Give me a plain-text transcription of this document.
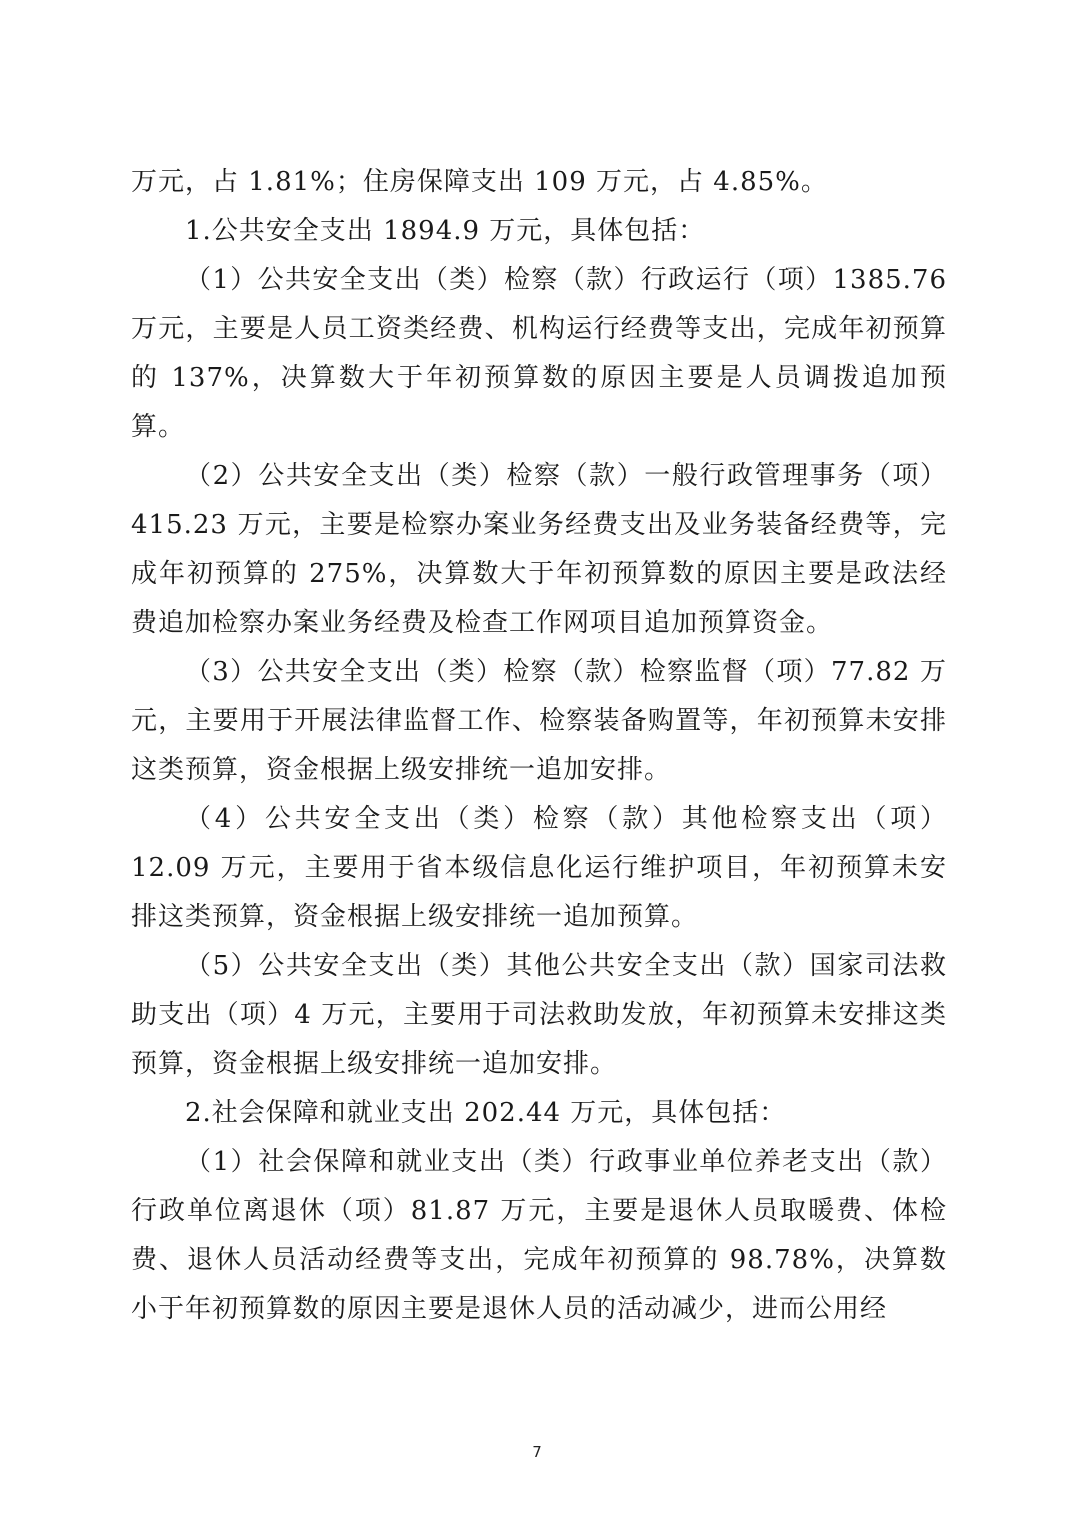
万元，占 1.81%；住房保障支出 109 万元，占 4.85%。

1.公共安全支出 1894.9 万元，具体包括：

（1）公共安全支出（类）检察（款）行政运行（项）1385.76 万元，主要是人员工资类经费、机构运行经费等支出，完成年初预算的 137%，决算数大于年初预算数的原因主要是人员调拨追加预算。

（2）公共安全支出（类）检察（款）一般行政管理事务（项）415.23 万元，主要是检察办案业务经费支出及业务装备经费等，完成年初预算的 275%，决算数大于年初预算数的原因主要是政法经费追加检察办案业务经费及检查工作网项目追加预算资金。

（3）公共安全支出（类）检察（款）检察监督（项）77.82 万元，主要用于开展法律监督工作、检察装备购置等，年初预算未安排这类预算，资金根据上级安排统一追加安排。

（4）公共安全支出（类）检察（款）其他检察支出（项）12.09 万元，主要用于省本级信息化运行维护项目，年初预算未安排这类预算，资金根据上级安排统一追加预算。

（5）公共安全支出（类）其他公共安全支出（款）国家司法救助支出（项）4 万元，主要用于司法救助发放，年初预算未安排这类预算，资金根据上级安排统一追加安排。

2.社会保障和就业支出 202.44 万元，具体包括：

（1）社会保障和就业支出（类）行政事业单位养老支出（款）行政单位离退休（项）81.87 万元，主要是退休人员取暖费、体检费、退休人员活动经费等支出，完成年初预算的 98.78%，决算数小于年初预算数的原因主要是退休人员的活动减少，进而公用经

7
